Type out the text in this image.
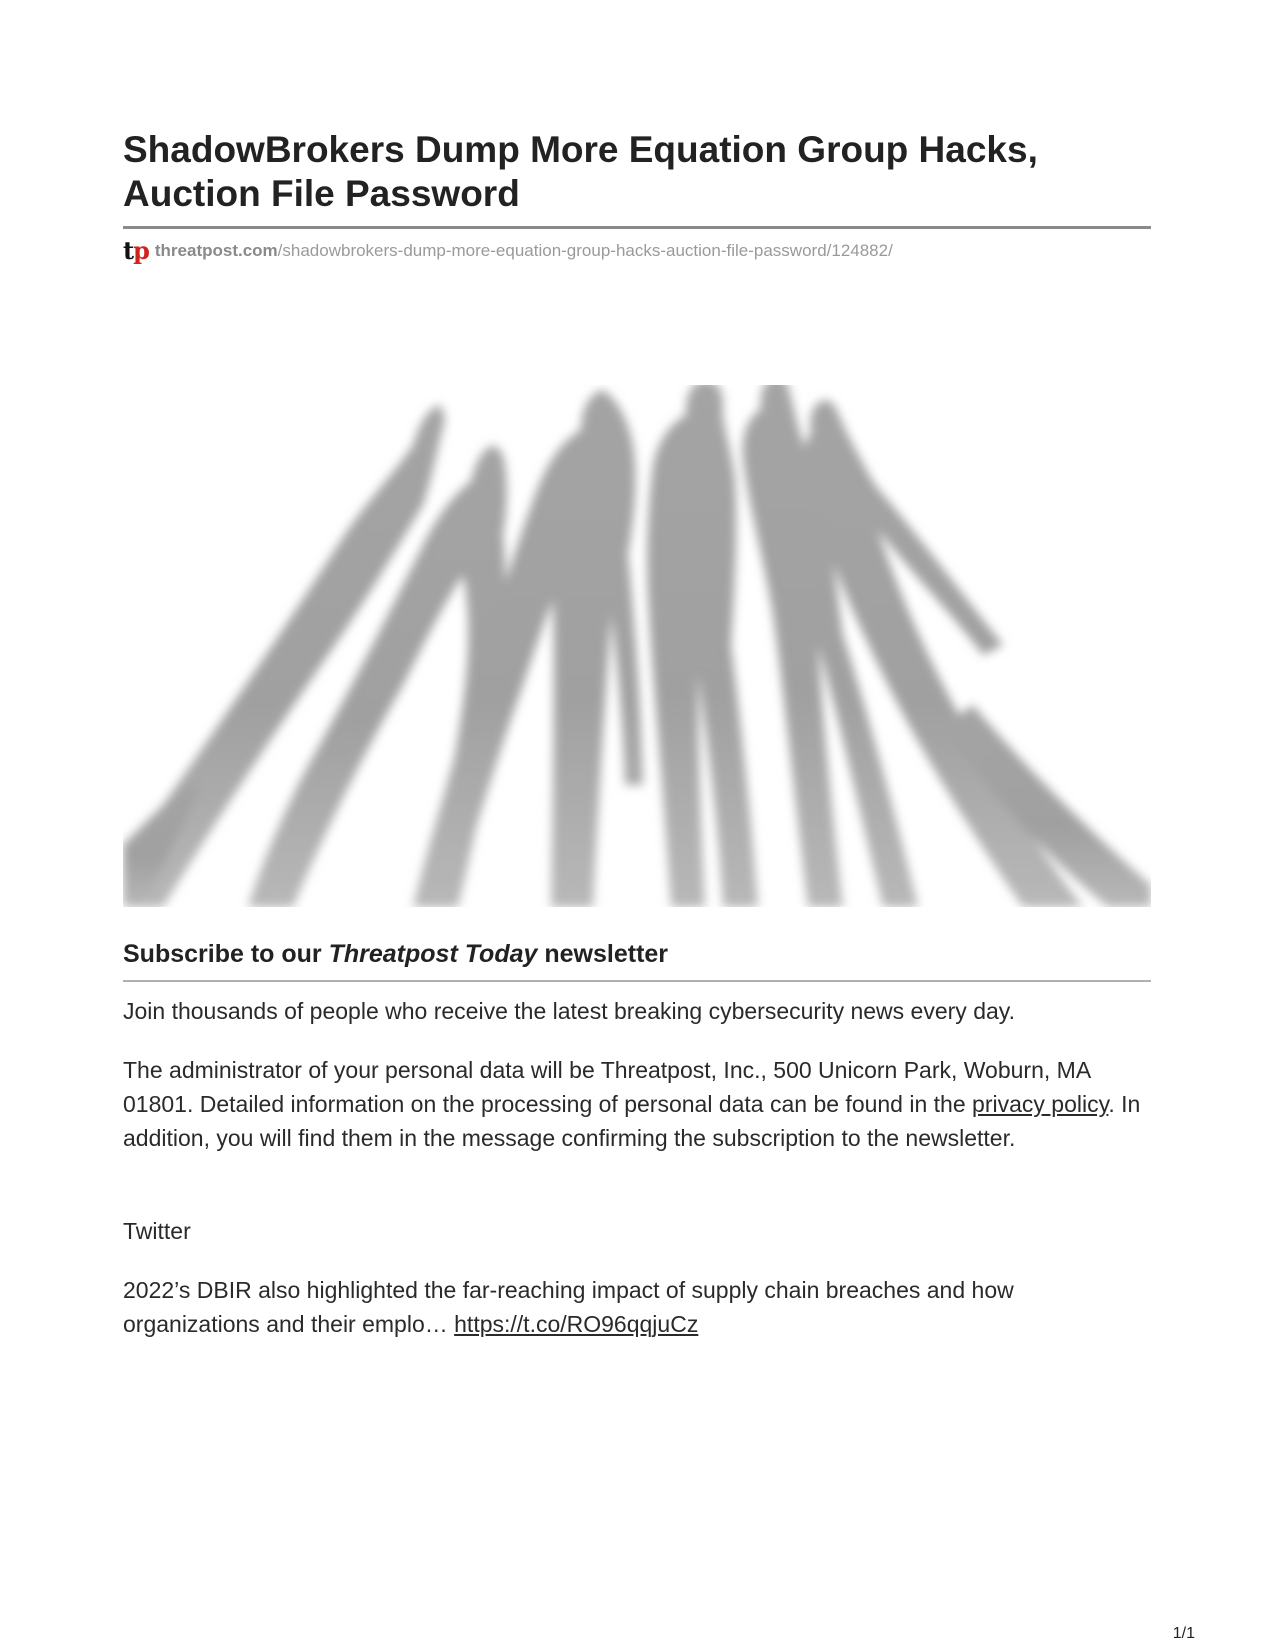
ShadowBrokers Dump More Equation Group Hacks,
Auction File Password
tp threatpost.com /shadowbrokers-dump-more-equation-group-hacks-auction-file-password/124882/
Subscribe to our Threatpost Today newsletter

Join thousands of people who receive the latest breaking cybersecurity news every day.

The administrator of your personal data will be Threatpost, Inc., 500 Unicorn Park, Woburn, MA 01801. Detailed information on the processing of personal data can be found in the privacy policy. In addition, you will find them in the message confirming the subscription to the newsletter.

Twitter

2022’s DBIR also highlighted the far-reaching impact of supply chain breaches and how organizations and their emplo… https://t.co/RO96qqjuCz

1/1
